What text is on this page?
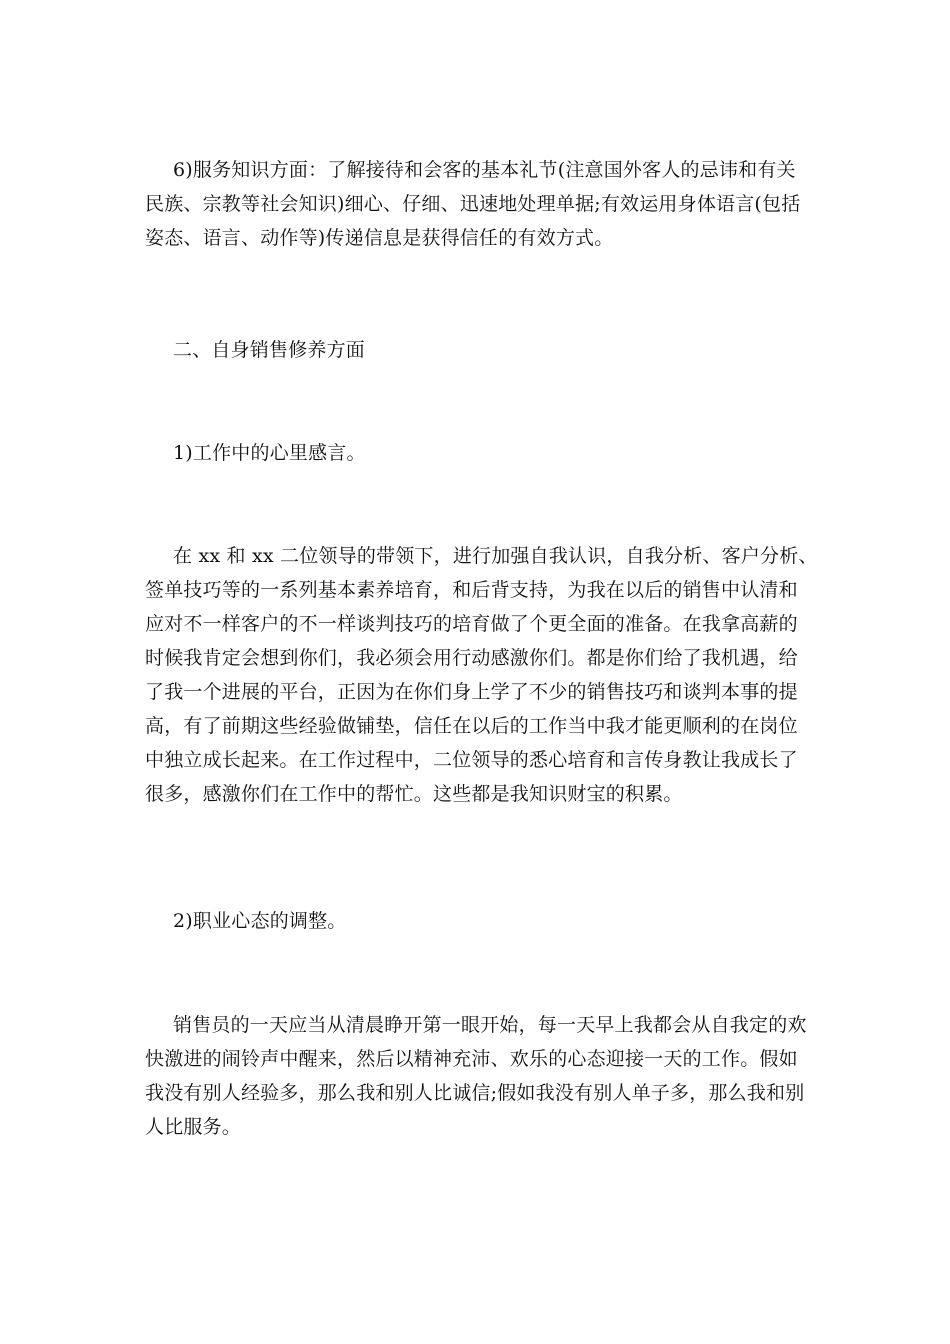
6)服务知识方面：了解接待和会客的基本礼节(注意国外客人的忌讳和有关
民族、宗教等社会知识)细心、仔细、迅速地处理单据;有效运用身体语言(包括
姿态、语言、动作等)传递信息是获得信任的有效方式。
二、自身销售修养方面
1)工作中的心里感言。
在 xx 和 xx 二位领导的带领下，进行加强自我认识，自我分析、客户分析、
签单技巧等的一系列基本素养培育，和后背支持，为我在以后的销售中认清和
应对不一样客户的不一样谈判技巧的培育做了个更全面的准备。在我拿高薪的
时候我肯定会想到你们，我必须会用行动感激你们。都是你们给了我机遇，给
了我一个进展的平台，正因为在你们身上学了不少的销售技巧和谈判本事的提
高，有了前期这些经验做铺垫，信任在以后的工作当中我才能更顺利的在岗位
中独立成长起来。在工作过程中，二位领导的悉心培育和言传身教让我成长了
很多，感激你们在工作中的帮忙。这些都是我知识财宝的积累。
2)职业心态的调整。
销售员的一天应当从清晨睁开第一眼开始，每一天早上我都会从自我定的欢
快激进的闹铃声中醒来，然后以精神充沛、欢乐的心态迎接一天的工作。假如
我没有别人经验多，那么我和别人比诚信;假如我没有别人单子多，那么我和别
人比服务。
